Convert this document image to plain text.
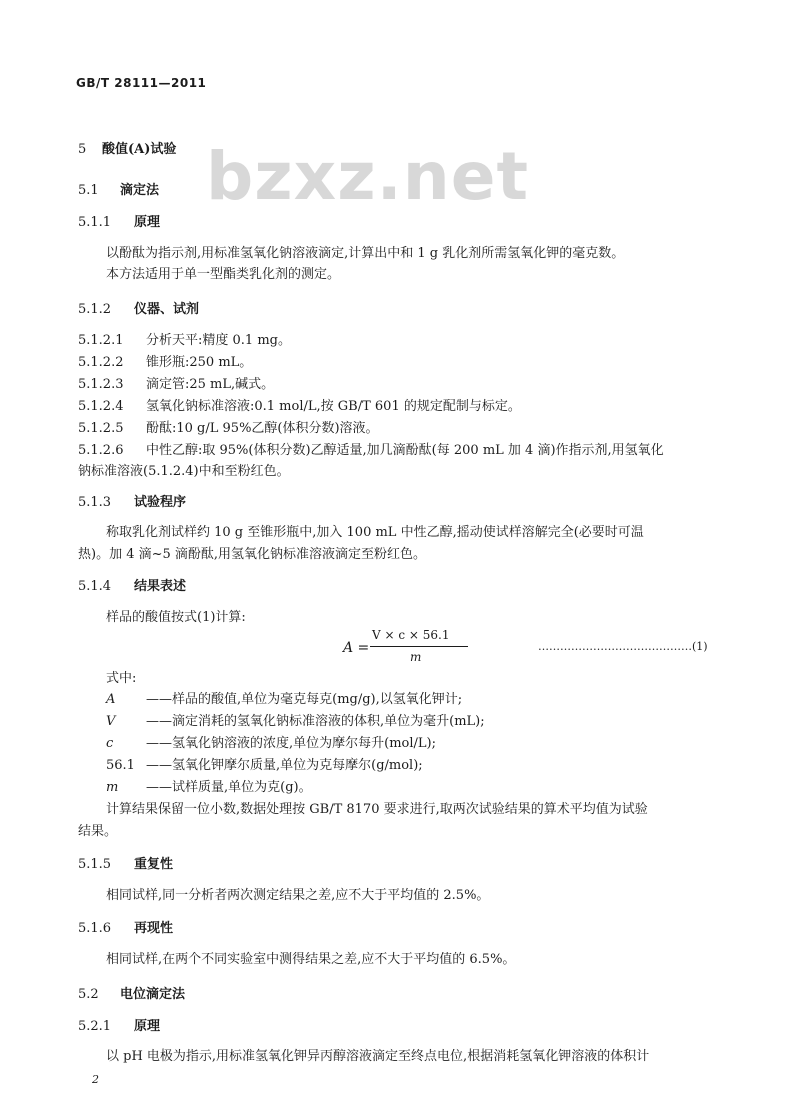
GB/T 28111—2011
bzxz.net
5 酸值(A)试验
5.1 滴定法
5.1.1 原理
以酚酞为指示剂,用标准氢氧化钠溶液滴定,计算出中和 1 g 乳化剂所需氢氧化钾的毫克数。
本方法适用于单一型酯类乳化剂的测定。
5.1.2 仪器、试剂
5.1.2.1 分析天平:精度 0.1 mg。
5.1.2.2 锥形瓶:250 mL。
5.1.2.3 滴定管:25 mL,碱式。
5.1.2.4 氢氧化钠标准溶液:0.1 mol/L,按 GB/T 601 的规定配制与标定。
5.1.2.5 酚酞:10 g/L 95%乙醇(体积分数)溶液。
5.1.2.6 中性乙醇:取 95%(体积分数)乙醇适量,加几滴酚酞(每 200 mL 加 4 滴)作指示剂,用氢氧化
钠标准溶液(5.1.2.4)中和至粉红色。
5.1.3 试验程序
称取乳化剂试样约 10 g 至锥形瓶中,加入 100 mL 中性乙醇,摇动使试样溶解完全(必要时可温
热)。加 4 滴~5 滴酚酞,用氢氧化钠标准溶液滴定至粉红色。
5.1.4 结果表述
样品的酸值按式(1)计算:
A =
V × c × 56.1
m
……………………………………(1)
式中:
A ——样品的酸值,单位为毫克每克(mg/g),以氢氧化钾计;
V ——滴定消耗的氢氧化钠标准溶液的体积,单位为毫升(mL);
c	——氢氧化钠溶液的浓度,单位为摩尔每升(mol/L);
56.1 ——氢氧化钾摩尔质量,单位为克每摩尔(g/mol);
m ——试样质量,单位为克(g)。
计算结果保留一位小数,数据处理按 GB/T 8170 要求进行,取两次试验结果的算术平均值为试验
结果。
5.1.5 重复性
相同试样,同一分析者两次测定结果之差,应不大于平均值的 2.5%。
5.1.6 再现性
相同试样,在两个不同实验室中测得结果之差,应不大于平均值的 6.5%。
5.2 电位滴定法
5.2.1 原理
以 pH 电极为指示,用标准氢氧化钾异丙醇溶液滴定至终点电位,根据消耗氢氧化钾溶液的体积计
2
